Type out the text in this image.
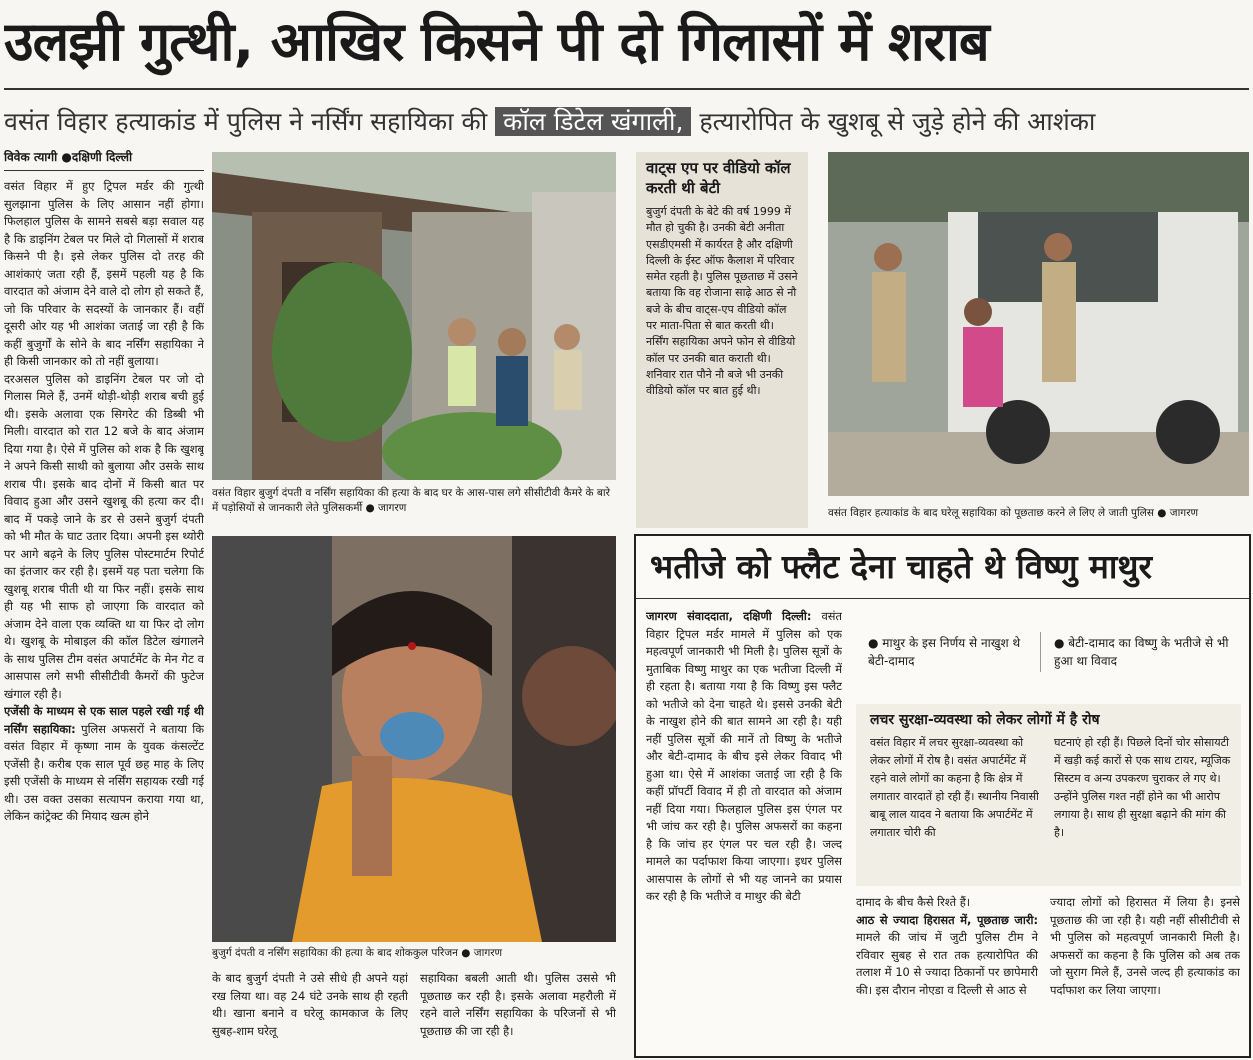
उलझी गुत्थी, आखिर किसने पी दो गिलासों में शराब
वसंत विहार हत्याकांड में पुलिस ने नर्सिंग सहायिका की कॉल डिटेल खंगाली, हत्यारोपित के खुशबू से जुड़े होने की आशंका
विवेक त्यागी ●दक्षिणी दिल्ली

वसंत विहार में हुए ट्रिपल मर्डर की गुत्थी सुलझाना पुलिस के लिए आसान नहीं होगा। फिलहाल पुलिस के सामने सबसे बड़ा सवाल यह है कि डाइनिंग टेबल पर मिले दो गिलासों में शराब किसने पी है। इसे लेकर पुलिस दो तरह की आशंकाएं जता रही हैं, इसमें पहली यह है कि वारदात को अंजाम देने वाले दो लोग हो सकते हैं, जो कि परिवार के सदस्यों के जानकार हैं। वहीं दूसरी ओर यह भी आशंका जताई जा रही है कि कहीं बुजुर्गों के सोने के बाद नर्सिंग सहायिका ने ही किसी जानकार को तो नहीं बुलाया।

दरअसल पुलिस को डाइनिंग टेबल पर जो दो गिलास मिले हैं, उनमें थोड़ी-थोड़ी शराब बची हुई थी। इसके अलावा एक सिगरेट की डिब्बी भी मिली। वारदात को रात 12 बजे के बाद अंजाम दिया गया है। ऐसे में पुलिस को शक है कि खुशबू ने अपने किसी साथी को बुलाया और उसके साथ शराब पी। इसके बाद दोनों में किसी बात पर विवाद हुआ और उसने खुशबू की हत्या कर दी। बाद में पकड़े जाने के डर से उसने बुजुर्ग दंपती को भी मौत के घाट उतार दिया। अपनी इस थ्योरी पर आगे बढ़ने के लिए पुलिस पोस्टमार्टम रिपोर्ट का इंतजार कर रही है। इसमें यह पता चलेगा कि खुशबू शराब पीती थी या फिर नहीं। इसके साथ ही यह भी साफ हो जाएगा कि वारदात को अंजाम देने वाला एक व्यक्ति था या फिर दो लोग थे। खुशबू के मोबाइल की कॉल डिटेल खंगालने के साथ पुलिस टीम वसंत अपार्टमेंट के मेन गेट व आसपास लगे सभी सीसीटीवी कैमरों की फुटेज खंगाल रही है।

एजेंसी के माध्यम से एक साल पहले रखी गई थी नर्सिंग सहायिका: पुलिस अफसरों ने बताया कि वसंत विहार में कृष्णा नाम के युवक कंसल्टेंट एजेंसी है। करीब एक साल पूर्व छह माह के लिए इसी एजेंसी के माध्यम से नर्सिंग सहायक रखी गई थी। उस वक्त उसका सत्यापन कराया गया था, लेकिन कांट्रेक्ट की मियाद खत्म होने

वसंत विहार बुजुर्ग दंपती व नर्सिंग सहायिका की हत्या के बाद घर के आस-पास लगे सीसीटीवी कैमरे के बारे में पड़ोसियों से जानकारी लेते पुलिसकर्मी ● जागरण
बुजुर्ग दंपती व नर्सिंग सहायिका की हत्या के बाद शोककुल परिजन ● जागरण
के बाद बुजुर्ग दंपती ने उसे सीधे ही अपने यहां रख लिया था। वह 24 घंटे उनके साथ ही रहती थी। खाना बनाने व घरेलू कामकाज के लिए सुबह-शाम घरेलू
सहायिका बबली आती थी। पुलिस उससे भी पूछताछ कर रही है। इसके अलावा महरौली में रहने वाले नर्सिंग सहायिका के परिजनों से भी पूछताछ की जा रही है।
वाट्स एप पर वीडियो कॉल करती थी बेटी
बुजुर्ग दंपती के बेटे की वर्ष 1999 में मौत हो चुकी है। उनकी बेटी अनीता एसडीएमसी में कार्यरत है और दक्षिणी दिल्ली के ईस्ट ऑफ कैलाश में परिवार समेत रहती है। पुलिस पूछताछ में उसने बताया कि वह रोजाना साढ़े आठ से नौ बजे के बीच वाट्स-एप वीडियो कॉल पर माता-पिता से बात करती थी। नर्सिंग सहायिका अपने फोन से वीडियो कॉल पर उनकी बात कराती थी। शनिवार रात पौने नौ बजे भी उनकी वीडियो कॉल पर बात हुई थी।
वसंत विहार हत्याकांड के बाद घरेलू सहायिका को पूछताछ करने ले लिए ले जाती पुलिस ● जागरण
भतीजे को फ्लैट देना चाहते थे विष्णु माथुर
जागरण संवाददाता, दक्षिणी दिल्ली: वसंत विहार ट्रिपल मर्डर मामले में पुलिस को एक महत्वपूर्ण जानकारी भी मिली है। पुलिस सूत्रों के मुताबिक विष्णु माथुर का एक भतीजा दिल्ली में ही रहता है। बताया गया है कि विष्णु इस फ्लैट को भतीजे को देना चाहते थे। इससे उनकी बेटी के नाखुश होने की बात सामने आ रही है। यही नहीं पुलिस सूत्रों की मानें तो विष्णु के भतीजे और बेटी-दामाद के बीच इसे लेकर विवाद भी हुआ था। ऐसे में आशंका जताई जा रही है कि कहीं प्रॉपर्टी विवाद में ही तो वारदात को अंजाम नहीं दिया गया। फिलहाल पुलिस इस एंगल पर भी जांच कर रही है। पुलिस अफसरों का कहना है कि जांच हर एंगल पर चल रही है। जल्द मामले का पर्दाफाश किया जाएगा। इधर पुलिस आसपास के लोगों से भी यह जानने का प्रयास कर रही है कि भतीजे व माथुर की बेटी
● माथुर के इस निर्णय से नाखुश थे बेटी-दामाद
● बेटी-दामाद का विष्णु के भतीजे से भी हुआ था विवाद
लचर सुरक्षा-व्यवस्था को लेकर लोगों में है रोष
वसंत विहार में लचर सुरक्षा-व्यवस्था को लेकर लोगों में रोष है। वसंत अपार्टमेंट में रहने वाले लोगों का कहना है कि क्षेत्र में लगातार वारदातें हो रही हैं। स्थानीय निवासी बाबू लाल यादव ने बताया कि अपार्टमेंट में लगातार चोरी की
घटनाएं हो रही हैं। पिछले दिनों चोर सोसायटी में खड़ी कई कारों से एक साथ टायर, म्यूजिक सिस्टम व अन्य उपकरण चुराकर ले गए थे। उन्होंने पुलिस गश्त नहीं होने का भी आरोप लगाया है। साथ ही सुरक्षा बढ़ाने की मांग की है।
दामाद के बीच कैसे रिश्ते हैं।
आठ से ज्यादा हिरासत में, पूछताछ जारी: मामले की जांच में जुटी पुलिस टीम ने रविवार सुबह से रात तक हत्यारोपित की तलाश में 10 से ज्यादा ठिकानों पर छापेमारी की। इस दौरान नोएडा व दिल्ली से आठ से
ज्यादा लोगों को हिरासत में लिया है। इनसे पूछताछ की जा रही है। यही नहीं सीसीटीवी से भी पुलिस को महत्वपूर्ण जानकारी मिली है। अफसरों का कहना है कि पुलिस को अब तक जो सुराग मिले हैं, उनसे जल्द ही हत्याकांड का पर्दाफाश कर लिया जाएगा।
